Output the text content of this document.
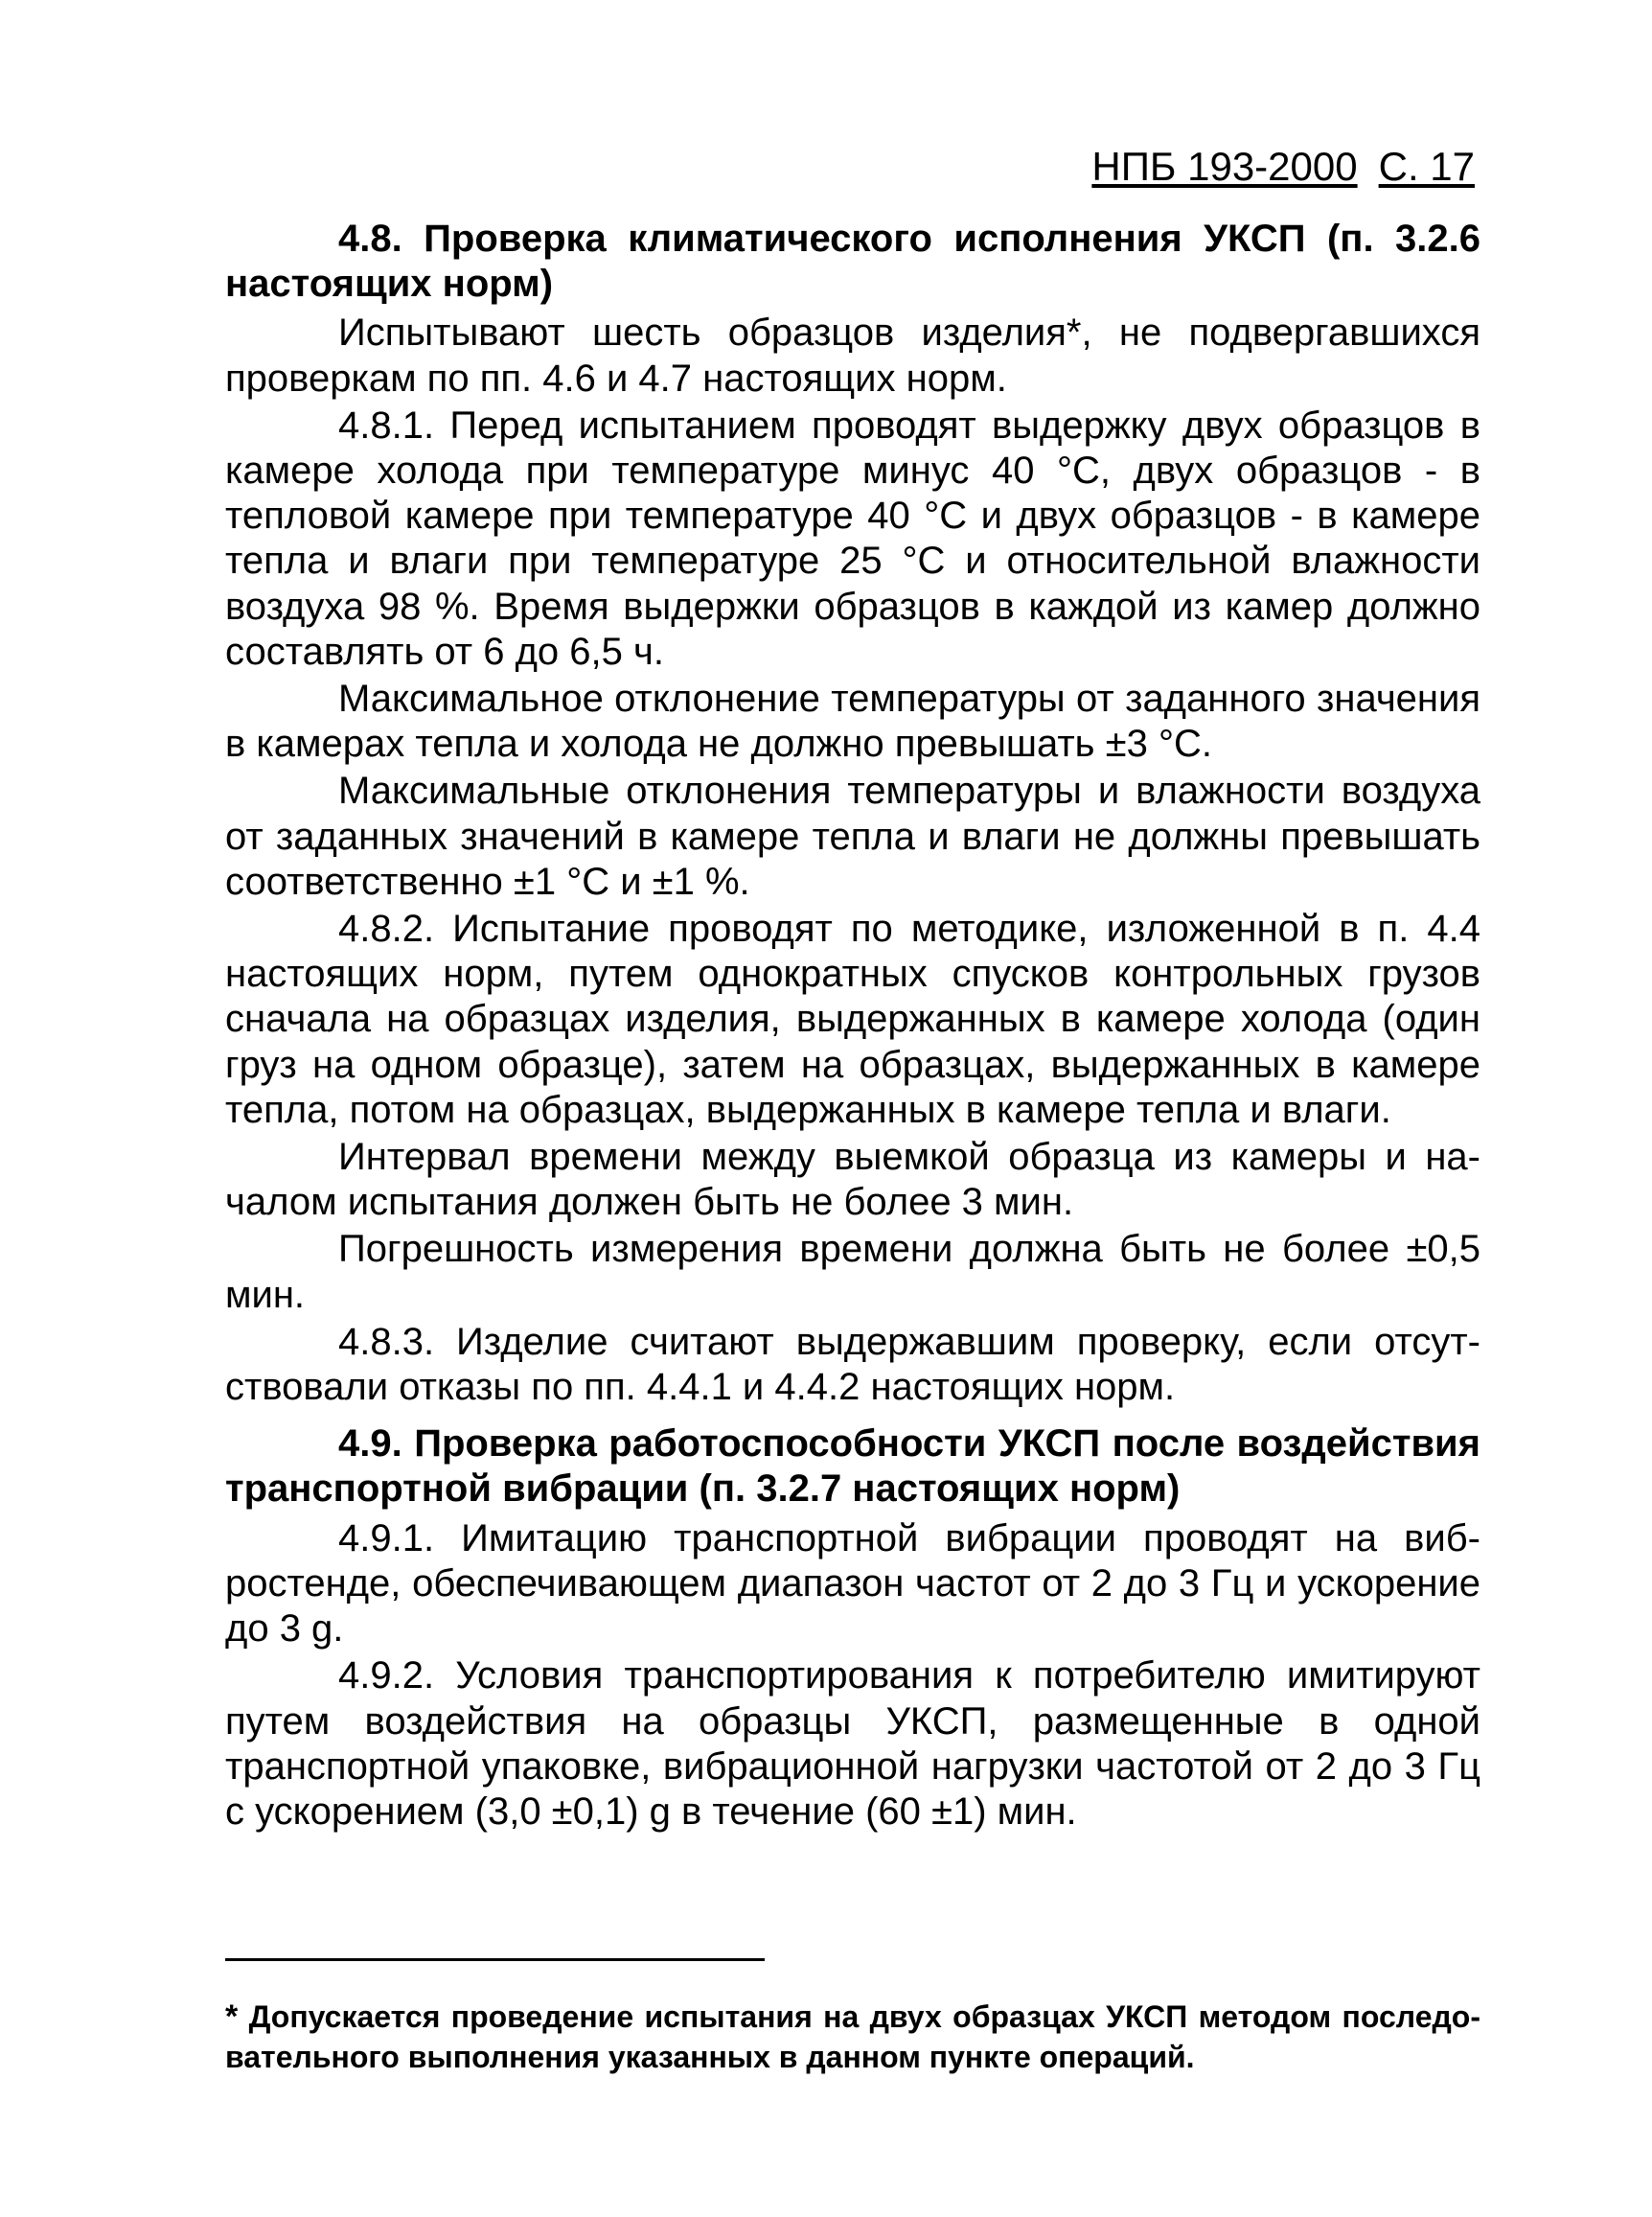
НПБ 193-2000 С. 17

4.8. Проверка климатического исполнения УКСП (п. 3.2.6 настоящих норм)

Испытывают шесть образцов изделия*, не подвергавшихся проверкам по пп. 4.6 и 4.7 настоящих норм.

4.8.1. Перед испытанием проводят выдержку двух образцов в камере холода при температуре минус 40 °С, двух образцов - в тепловой камере при температуре 40 °С и двух образцов - в камере тепла и влаги при температуре 25 °С и относительной влажности воздуха 98 %. Время выдержки образцов в каждой из камер должно составлять от 6 до 6,5 ч.

Максимальное отклонение температуры от заданного значения в камерах тепла и холода не должно превышать ±3 °С.

Максимальные отклонения температуры и влажности воздуха от заданных значений в камере тепла и влаги не должны превышать соответственно ±1 °С и ±1 %.

4.8.2. Испытание проводят по методике, изложенной в п. 4.4 настоящих норм, путем однократных спусков контрольных грузов сначала на образцах изделия, выдержанных в камере холода (один груз на одном образце), затем на образцах, выдержанных в камере тепла, потом на образцах, выдержанных в камере тепла и влаги.

Интервал времени между выемкой образца из камеры и началом испытания должен быть не более 3 мин.

Погрешность измерения времени должна быть не более ±0,5 мин.

4.8.3. Изделие считают выдержавшим проверку, если отсутствовали отказы по пп. 4.4.1 и 4.4.2 настоящих норм.

4.9. Проверка работоспособности УКСП после воздействия транспортной вибрации (п. 3.2.7 настоящих норм)

4.9.1. Имитацию транспортной вибрации проводят на вибростенде, обеспечивающем диапазон частот от 2 до 3 Гц и ускорение до 3 g.

4.9.2. Условия транспортирования к потребителю имитируют путем воздействия на образцы УКСП, размещенные в одной транспортной упаковке, вибрационной нагрузки частотой от 2 до 3 Гц с ускорением (3,0 ±0,1) g в течение (60 ±1) мин.

* Допускается проведение испытания на двух образцах УКСП методом последовательного выполнения указанных в данном пункте операций.
